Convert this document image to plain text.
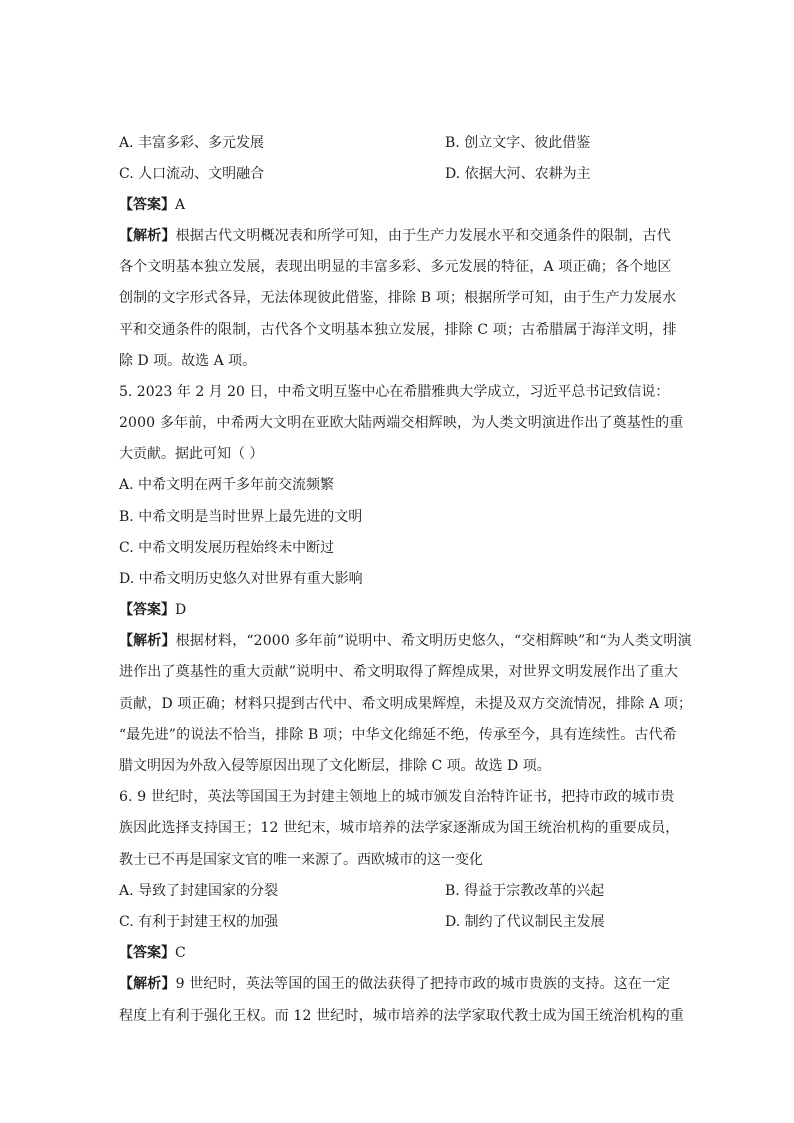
A. 丰富多彩、多元发展	B. 创立文字、彼此借鉴
C. 人口流动、文明融合	D. 依据大河、农耕为主
【答案】A
【解析】根据古代文明概况表和所学可知，由于生产力发展水平和交通条件的限制，古代
各个文明基本独立发展，表现出明显的丰富多彩、多元发展的特征，A 项正确；各个地区
创制的文字形式各异，无法体现彼此借鉴，排除 B 项；根据所学可知，由于生产力发展水
平和交通条件的限制，古代各个文明基本独立发展，排除 C 项；古希腊属于海洋文明，排
除 D 项。故选 A 项。
5. 2023 年 2 月 20 日，中希文明互鉴中心在希腊雅典大学成立，习近平总书记致信说：
2000 多年前，中希两大文明在亚欧大陆两端交相辉映，为人类文明演进作出了奠基性的重
大贡献。据此可知（ ）
A. 中希文明在两千多年前交流频繁
B. 中希文明是当时世界上最先进的文明
C. 中希文明发展历程始终未中断过
D. 中希文明历史悠久对世界有重大影响
【答案】D
【解析】根据材料，“2000 多年前”说明中、希文明历史悠久，“交相辉映”和“为人类文明演
进作出了奠基性的重大贡献”说明中、希文明取得了辉煌成果，对世界文明发展作出了重大
贡献，D 项正确；材料只提到古代中、希文明成果辉煌，未提及双方交流情况，排除 A 项；
“最先进”的说法不恰当，排除 B 项；中华文化绵延不绝，传承至今，具有连续性。古代希
腊文明因为外敌入侵等原因出现了文化断层，排除 C 项。故选 D 项。
6. 9 世纪时，英法等国国王为封建主领地上的城市颁发自治特许证书，把持市政的城市贵
族因此选择支持国王；12 世纪末，城市培养的法学家逐渐成为国王统治机构的重要成员，
教士已不再是国家文官的唯一来源了。西欧城市的这一变化
A. 导致了封建国家的分裂	B. 得益于宗教改革的兴起
C. 有利于封建王权的加强	D. 制约了代议制民主发展
【答案】C
【解析】9 世纪时，英法等国的国王的做法获得了把持市政的城市贵族的支持。这在一定
程度上有利于强化王权。而 12 世纪时，城市培养的法学家取代教士成为国王统治机构的重
